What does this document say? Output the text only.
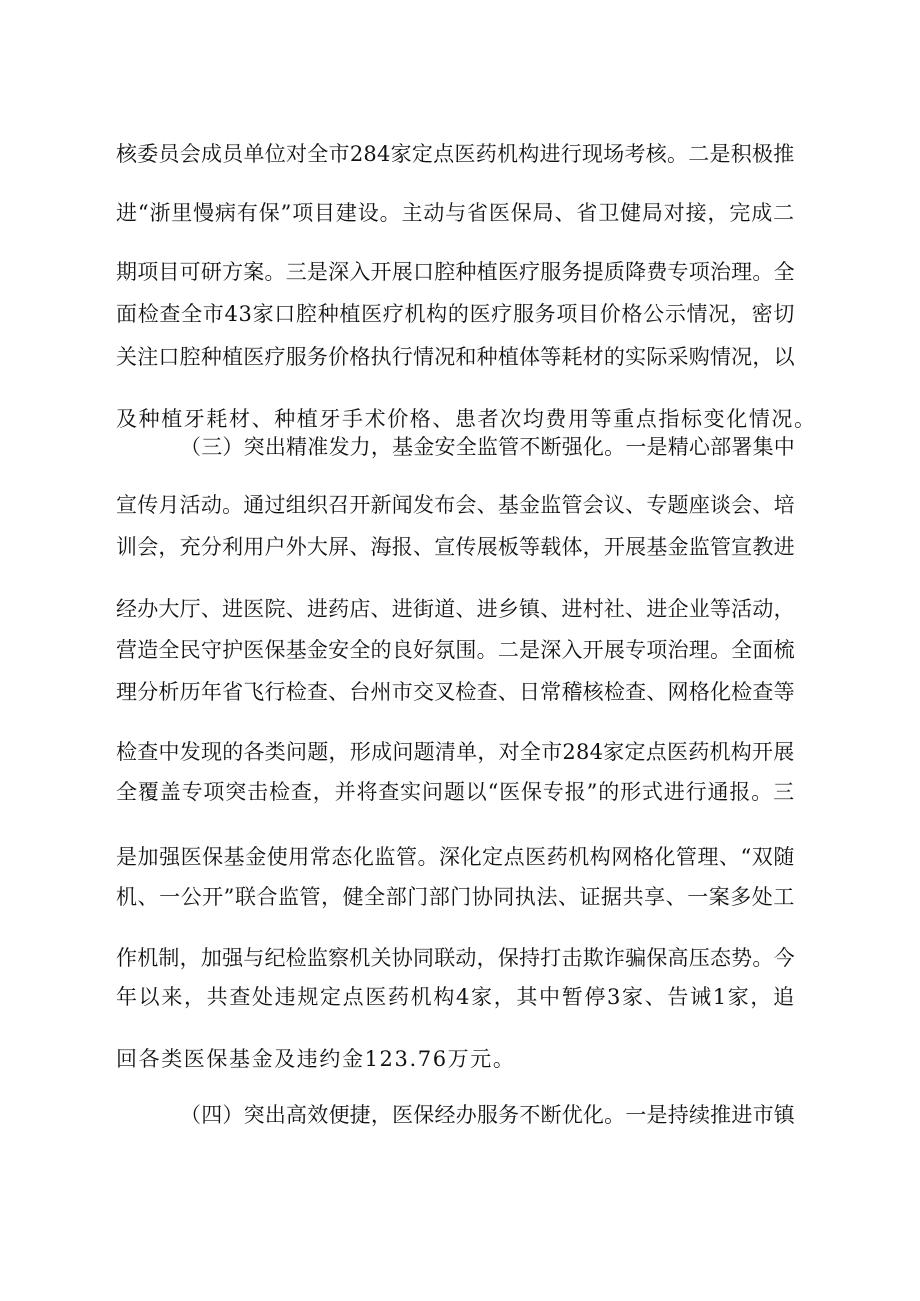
核委员会成员单位对全市284家定点医药机构进行现场考核。二是积极推
进“浙里慢病有保”项目建设。主动与省医保局、省卫健局对接，完成二
期项目可研方案。三是深入开展口腔种植医疗服务提质降费专项治理。全
面检查全市43家口腔种植医疗机构的医疗服务项目价格公示情况，密切
关注口腔种植医疗服务价格执行情况和种植体等耗材的实际采购情况，以
及种植牙耗材、种植牙手术价格、患者次均费用等重点指标变化情况。
（三）突出精准发力，基金安全监管不断强化。一是精心部署集中
宣传月活动。通过组织召开新闻发布会、基金监管会议、专题座谈会、培
训会，充分利用户外大屏、海报、宣传展板等载体，开展基金监管宣教进
经办大厅、进医院、进药店、进街道、进乡镇、进村社、进企业等活动，
营造全民守护医保基金安全的良好氛围。二是深入开展专项治理。全面梳
理分析历年省飞行检查、台州市交叉检查、日常稽核检查、网格化检查等
检查中发现的各类问题，形成问题清单，对全市284家定点医药机构开展
全覆盖专项突击检查，并将查实问题以“医保专报”的形式进行通报。三
是加强医保基金使用常态化监管。深化定点医药机构网格化管理、“双随
机、一公开”联合监管，健全部门部门协同执法、证据共享、一案多处工
作机制，加强与纪检监察机关协同联动，保持打击欺诈骗保高压态势。今
年以来，共查处违规定点医药机构4家，其中暂停3家、告诫1家，追
回各类医保基金及违约金123.76万元。
（四）突出高效便捷，医保经办服务不断优化。一是持续推进市镇
